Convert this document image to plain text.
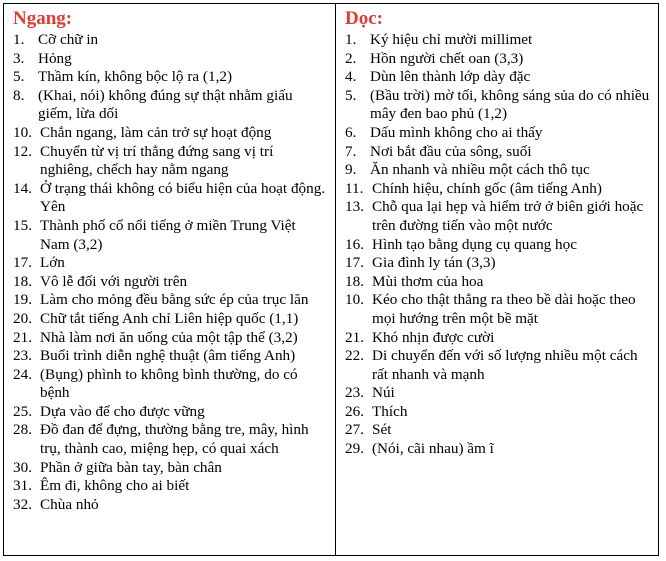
Ngang:
1. Cỡ chữ in
3. Hỏng
5. Thầm kín, không bộc lộ ra (1,2)
8. (Khai, nói) không đúng sự thật nhằm giấu giếm, lừa dối
10. Chắn ngang, làm cản trở sự hoạt động
12. Chuyển từ vị trí thẳng đứng sang vị trí nghiêng, chếch hay nằm ngang
14. Ở trạng thái không có biểu hiện của hoạt động. Yên
15. Thành phố cổ nổi tiếng ở miền Trung Việt Nam (3,2)
17. Lớn
18. Vô lễ đối với người trên
19. Làm cho mỏng đều bằng sức ép của trục lăn
20. Chữ tắt tiếng Anh chỉ Liên hiệp quốc (1,1)
21. Nhà làm nơi ăn uống của một tập thể (3,2)
23. Buổi trình diễn nghệ thuật (âm tiếng Anh)
24. (Bụng) phình to không bình thường, do có bệnh
25. Dựa vào để cho được vững
28. Đồ đan để đựng, thường bằng tre, mây, hình trụ, thành cao, miệng hẹp, có quai xách
30. Phần ở giữa bàn tay, bàn chân
31. Êm đi, không cho ai biết
32. Chùa nhỏ
Dọc:
1. Ký hiệu chỉ mười millimet
2. Hồn người chết oan (3,3)
4. Dùn lên thành lớp dày đặc
5. (Bầu trời) mờ tối, không sáng sủa do có nhiều mây đen bao phủ (1,2)
6. Dấu mình không cho ai thấy
7. Nơi bắt đầu của sông, suối
9. Ăn nhanh và nhiều một cách thô tục
11. Chính hiệu, chính gốc (âm tiếng Anh)
13. Chỗ qua lại hẹp và hiểm trở ở biên giới hoặc trên đường tiến vào một nước
16. Hình tạo bằng dụng cụ quang học
17. Gia đình ly tán (3,3)
18. Mùi thơm của hoa
10. Kéo cho thật thẳng ra theo bề dài hoặc theo mọi hướng trên một bề mặt
21. Khó nhịn được cười
22. Di chuyển đến với số lượng nhiều một cách rất nhanh và mạnh
23. Núi
26. Thích
27. Sét
29. (Nói, cãi nhau) ầm ĩ
